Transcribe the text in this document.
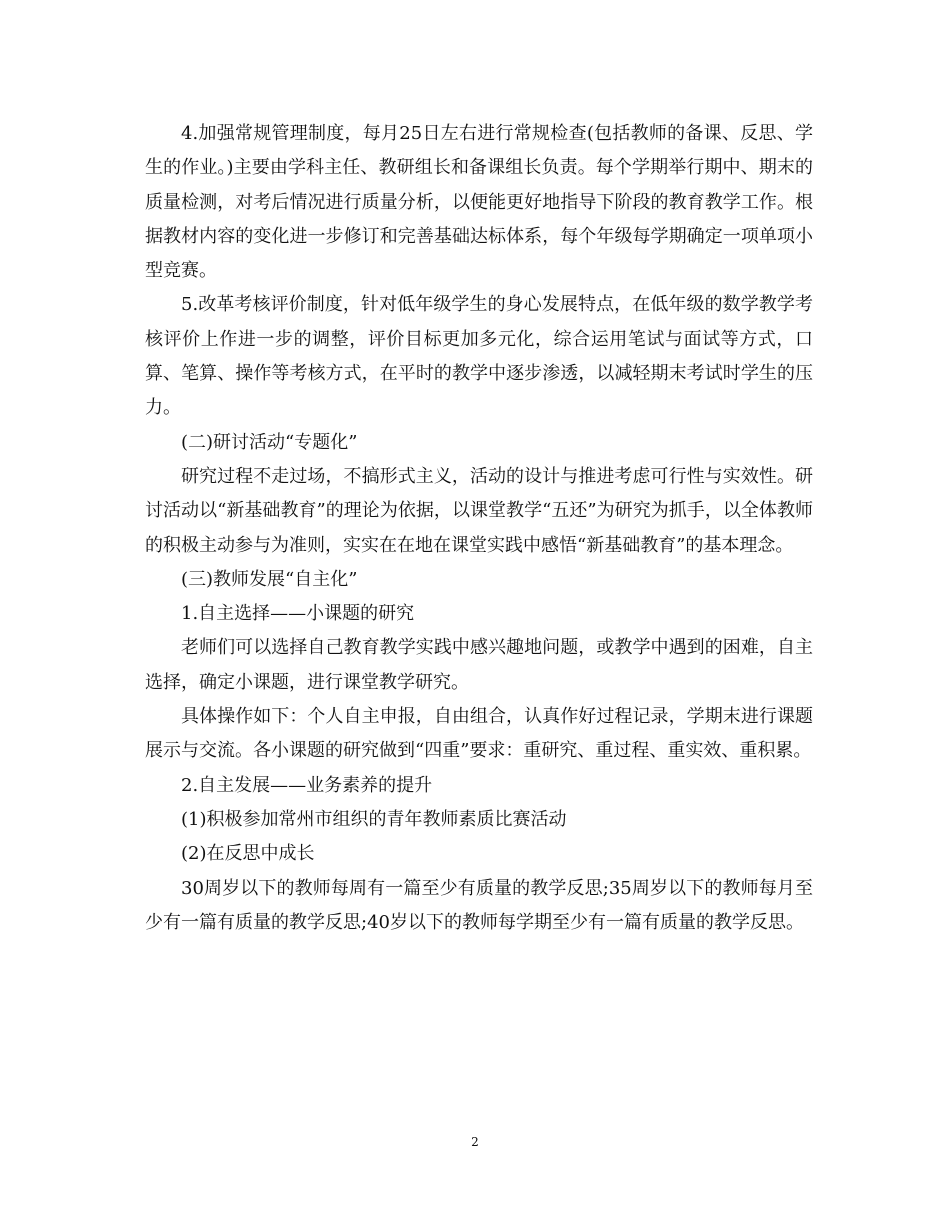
4.加强常规管理制度，每月25日左右进行常规检查(包括教师的备课、反思、学生的作业。)主要由学科主任、教研组长和备课组长负责。每个学期举行期中、期末的质量检测，对考后情况进行质量分析，以便能更好地指导下阶段的教育教学工作。根据教材内容的变化进一步修订和完善基础达标体系，每个年级每学期确定一项单项小型竞赛。

5.改革考核评价制度，针对低年级学生的身心发展特点，在低年级的数学教学考核评价上作进一步的调整，评价目标更加多元化，综合运用笔试与面试等方式，口算、笔算、操作等考核方式，在平时的教学中逐步渗透，以减轻期末考试时学生的压力。

(二)研讨活动“专题化”

研究过程不走过场，不搞形式主义，活动的设计与推进考虑可行性与实效性。研讨活动以“新基础教育”的理论为依据，以课堂教学“五还”为研究为抓手，以全体教师的积极主动参与为准则，实实在在地在课堂实践中感悟“新基础教育”的基本理念。

(三)教师发展“自主化”

1.自主选择——小课题的研究

老师们可以选择自己教育教学实践中感兴趣地问题，或教学中遇到的困难，自主选择，确定小课题，进行课堂教学研究。

具体操作如下：个人自主申报，自由组合，认真作好过程记录，学期末进行课题展示与交流。各小课题的研究做到“四重”要求：重研究、重过程、重实效、重积累。

2.自主发展——业务素养的提升

(1)积极参加常州市组织的青年教师素质比赛活动

(2)在反思中成长

30周岁以下的教师每周有一篇至少有质量的教学反思;35周岁以下的教师每月至少有一篇有质量的教学反思;40岁以下的教师每学期至少有一篇有质量的教学反思。

2
